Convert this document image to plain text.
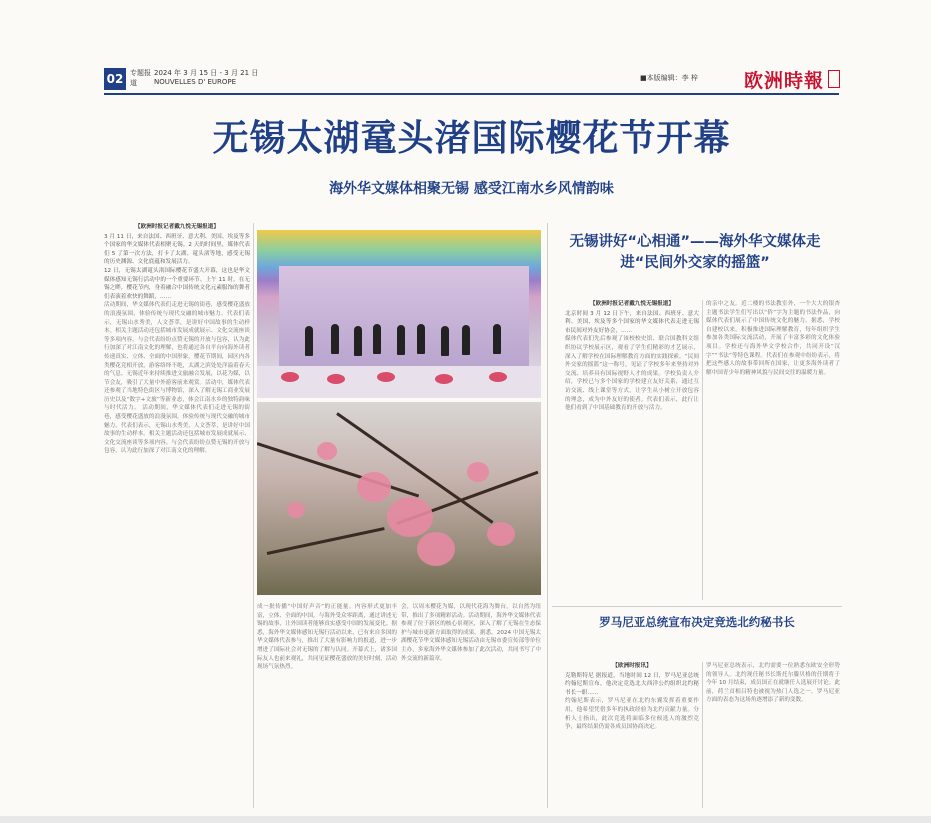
02 专题报道
2024 年 3 月 15 日 - 3 月 21 日
NOUVELLES D' EUROPE	■本版编辑：李 梓 欧洲時報
无锡太湖鼋头渚国际樱花节开幕
海外华文媒体相聚无锡 感受江南水乡风情韵味
【欧洲时报记者戴九悦无锡报道】
3 月 11 日，来自法国、西班牙、意大利、美国、埃及等多个国家的华文媒体代表相聚无锡。2 天的时间里，媒体代表们 5 了第一次方法，打卡了太湖、鼋头渚等地，感受无锡的历史渊源、文化底蕴和发展活力。
12 日，无锡太湖鼋头渚国际樱花节盛大开幕，这也是华文媒体感知无锡行活动中的一个重要环节。上午 11 时，在无锡之畔，樱花节内，身着融合中国传统文化元素服饰的舞者们表演着欢快的舞蹈，……
活动期间，华文媒体代表们走进无锡的街巷，感受樱花盛放的浪漫氛围，体验传统与现代交融的城市魅力。代表们表示，无锡山水秀美，人文荟萃，是讲好中国故事的生动样本。相关主题活动还包括城市发展成就展示、文化交流座谈等多项内容。与会代表纷纷点赞无锡的开放与包容，认为此行加深了对江南文化的理解，也将通过各自平台向海外读者传递真实、立体、全面的中国形象。樱花节期间，园区内各类樱花竞相开放，游客络绎不绝，太湖之滨处处洋溢着春天的气息。无锡近年来持续推进文旅融合发展，以花为媒，以节会友，吸引了大量中外游客前来观赏。活动中，媒体代表还参观了当地特色街区与博物馆，深入了解无锡工商业发展历史以及“数字+文旅”等新业态，体会江南水乡的独特韵味与时代活力。 活动期间，华文媒体代表们走进无锡的街巷，感受樱花盛放的浪漫氛围，体验传统与现代交融的城市魅力。代表们表示，无锡山水秀美，人文荟萃，是讲好中国故事的生动样本。相关主题活动还包括城市发展成就展示、文化交流座谈等多项内容。与会代表纷纷点赞无锡的开放与包容，认为此行加深了对江南文化的理解。
成一批传播“中国好声音”的正能量。内容形式更加丰富，立体、全面的中国。与海外受众零距离，通过讲述无锡的故事，让外国读者能够真实感受中国的发展变化。据悉，海外华文媒体感知无锡行活动以来，已有来自多国的华文媒体代表参与，推出了大量有影响力的报道，进一步增进了国际社会对无锡的了解与认同。开幕式上，诸多国际友人也前来观礼，共同见证樱花盛放的美好时刻，活动现场气氛热烈。
会，以周末樱花为媒，以现代花海为舞台，以自然为纽带，推出了多项精彩活动。活动期间，海外华文媒体代表参观了位于新区的核心景观区，深入了解了无锡在生态保护与城市更新方面取得的成果。据悉，2024 中国无锡太湖樱花节华文媒体感知无锡活动由无锡市委宣传部等单位主办，多家海外华文媒体参加了此次活动，共同书写了中外交流的新篇章。
无锡讲好“心相通”——海外华文媒体走进“民间外交家的摇篮”
【欧洲时报记者戴九悦无锡报道】
北京时间 3 月 12 日下午，来自法国、西班牙、意大利、美国、埃及等多个国家的华文媒体代表走进无锡市民间对外友好协会，……
媒体代表们先后参观了该校校史馆、联合国教科文组织协议学校展示区，观看了学生们精彩的才艺展示，深入了解学校在国际理解教育方面的实践探索。“民间外交家的摇篮”这一称号，见证了学校多年来坚持对外交流、培养具有国际视野人才的成果。学校负责人介绍，学校已与多个国家的学校建立友好关系，通过互访交流、线上课堂等方式，让学生从小树立开放包容的理念，成为中外友好的使者。代表们表示，此行让他们看到了中国基础教育的开放与活力。
的亲中之友。近二楼的书法教室外，一个大大的银杏主题书法学生们写出以“侨”字为主题的书法作品，向媒体代表们展示了中国传统文化的魅力。据悉，学校自建校以来，积极推进国际理解教育，每年组织学生参加各类国际交流活动，开展了丰富多彩的文化体验项目。学校还与海外华文学校合作，共同开设“汉字”“书法”等特色课程。代表们在参观中纷纷表示，将把这些感人的故事带回所在国家，让更多海外读者了解中国青少年的精神风貌与民间交往的温暖力量。
罗马尼亚总统宣布决定竞选北约秘书长
【欧洲时报讯】
克勒斯特尼 据报道，当地时间 12 日，罗马尼亚总统约翰尼斯宣布，他决定竞选北大西洋公约组织北约秘书长一职……
约翰尼斯表示，罗马尼亚在北约东翼发挥着重要作用，他希望凭借多年的执政经验为北约贡献力量。分析人士指出，此次竞选将面临多位候选人的激烈竞争，最终结果仍需各成员国协商决定。
罗马尼亚总统表示，北约需要一位熟悉东欧安全形势的领导人。北约现任秘书长斯托尔滕贝格的任期将于今年 10 月结束，成员国正在就继任人选展开讨论。此前，荷兰首相吕特也被视为热门人选之一，罗马尼亚方面的表态为这场角逐增添了新的变数。
